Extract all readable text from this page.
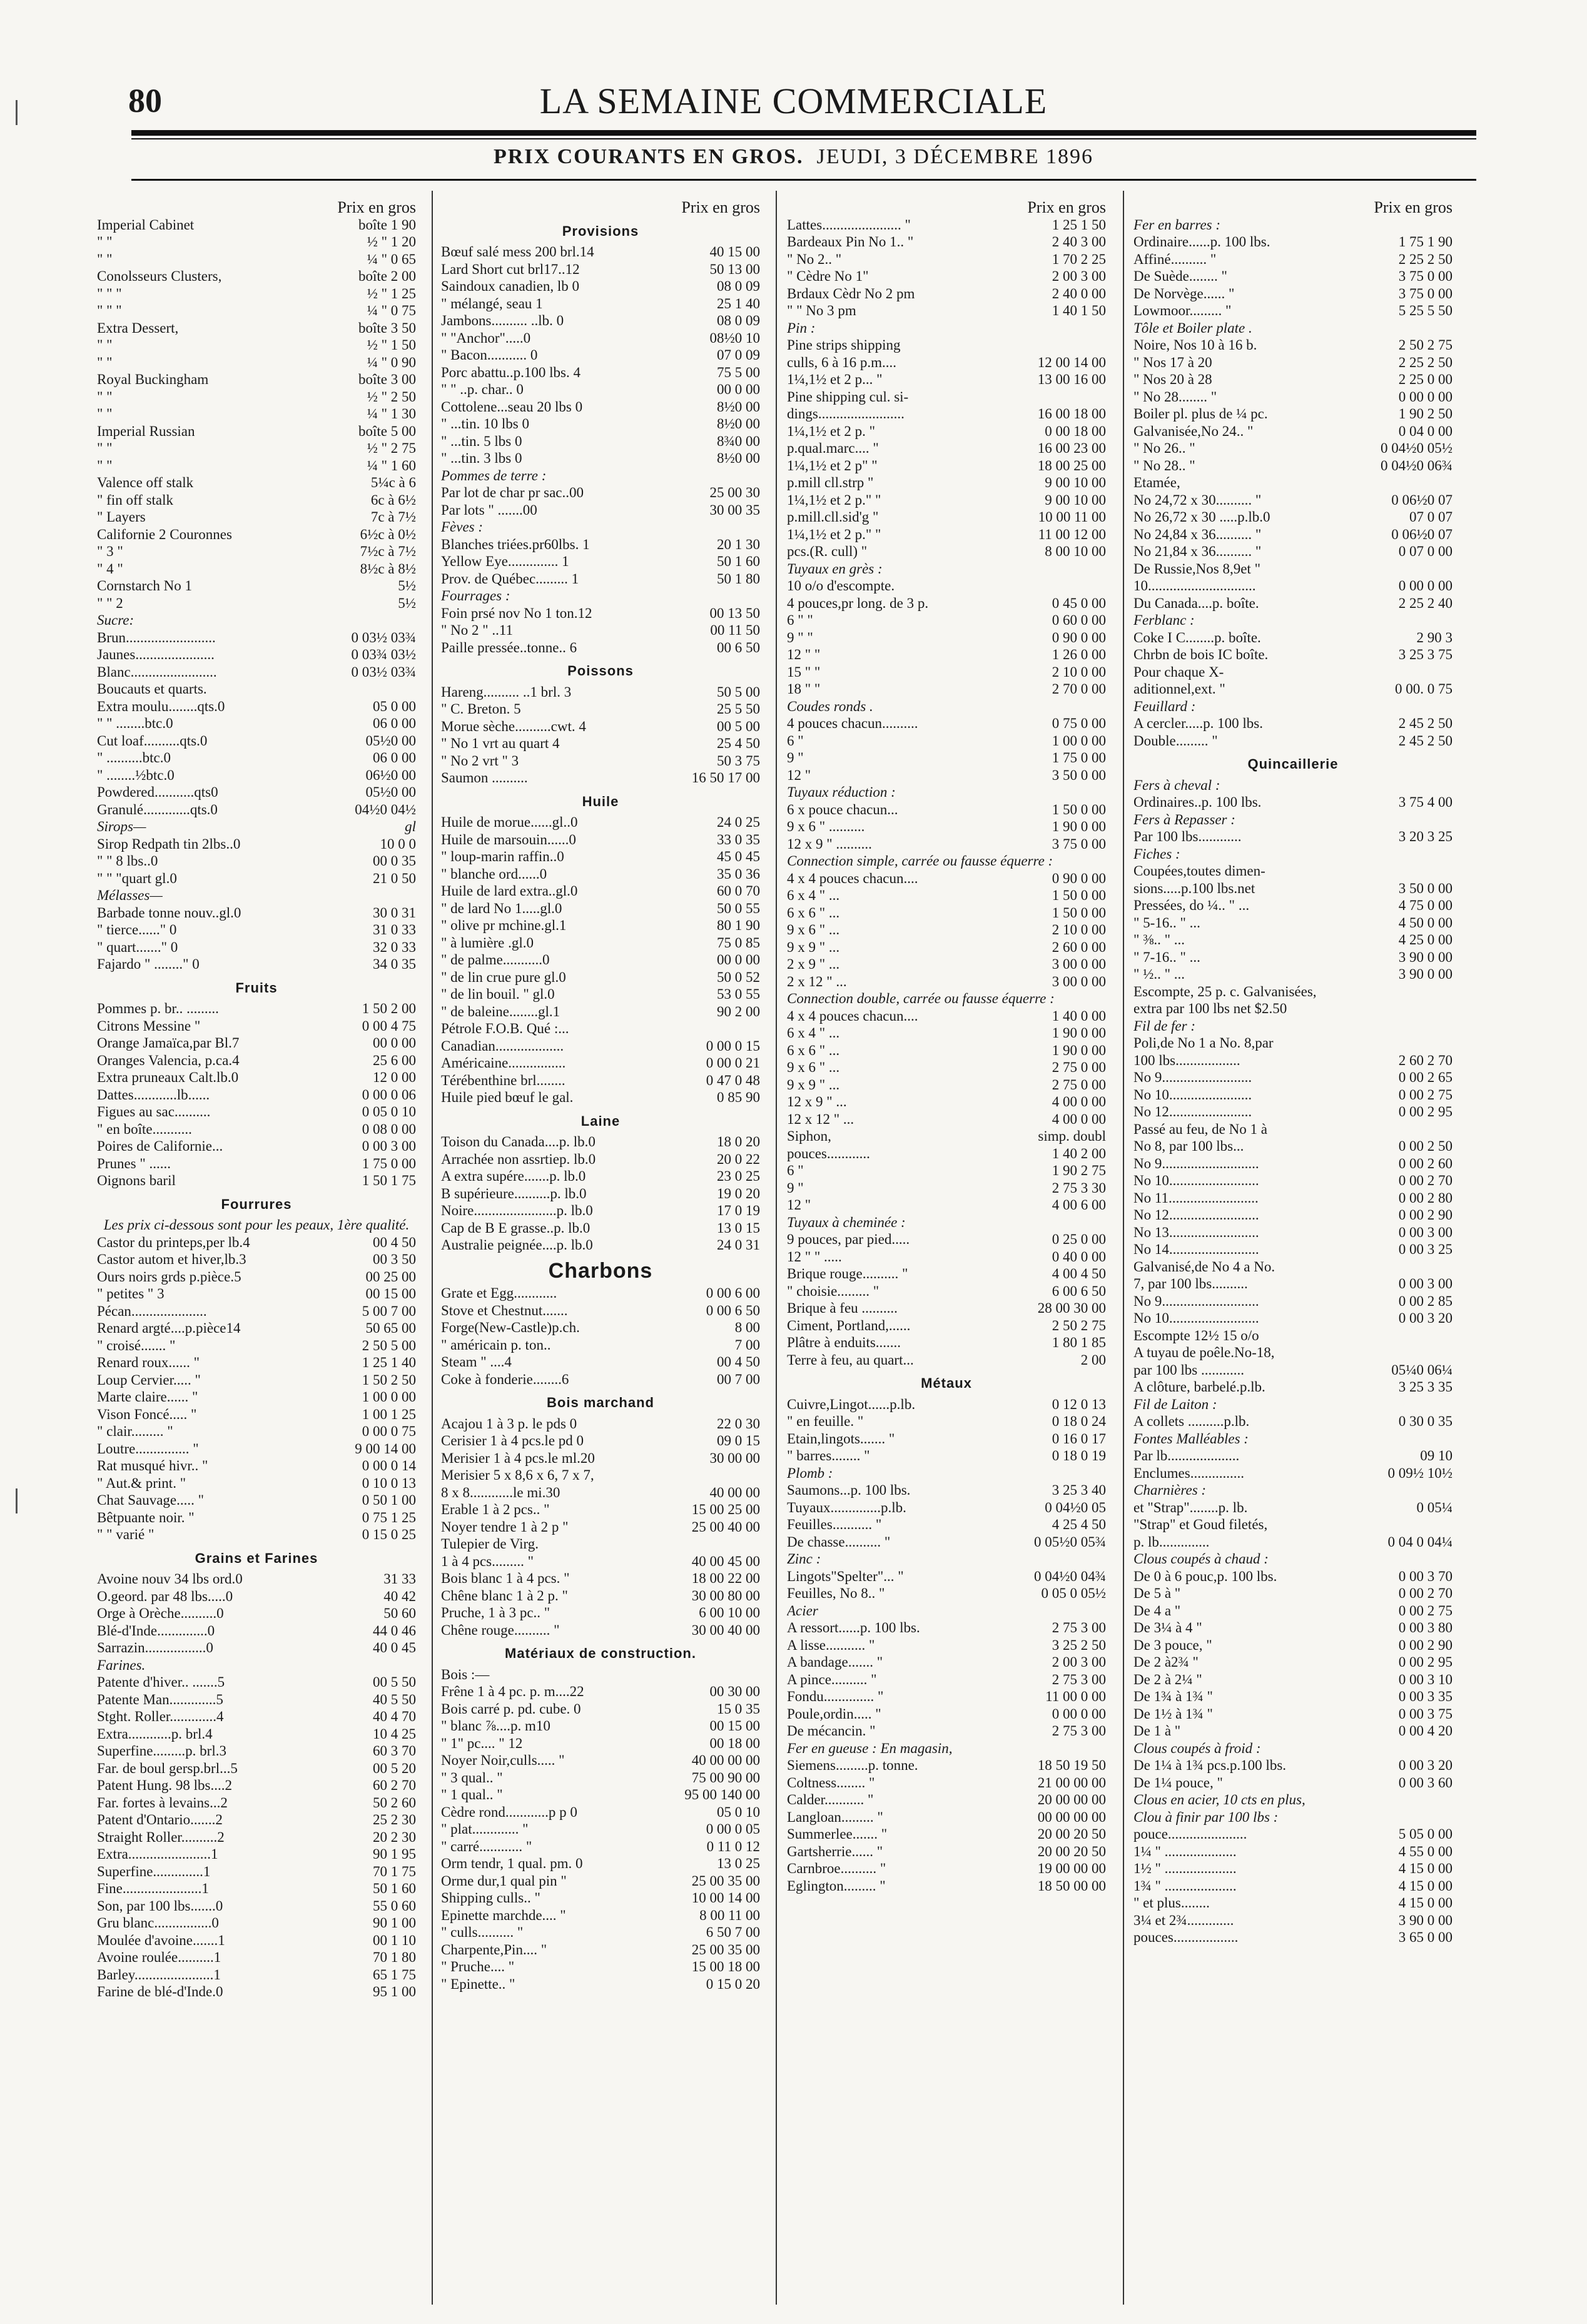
80	LA SEMAINE COMMERCIALE
PRIX COURANTS EN GROS. JEUDI, 3 DÉCEMBRE 1896
Prix en gros
Imperial Cabinet	boîte 1 90
" "	½ " 1 20
" "	¼ " 0 65
Conolsseurs Clusters,	boîte 2 00
" " "	½ " 1 25
" " "	¼ " 0 75
Extra Dessert,	boîte 3 50
" "	½ " 1 50
" "	¼ " 0 90
Royal Buckingham	boîte 3 00
" "	½ " 2 50
" "	¼ " 1 30
Imperial Russian	boîte 5 00
" "	½ " 2 75
" "	¼ " 1 60
Valence off stalk	5¼c à 6
" fin off stalk	6c à 6½
" Layers	7c à 7½
Californie 2 Couronnes	6½c à 0½
" 3 "	7½c à 7½
" 4 "	8½c à 8½
Cornstarch No 1	5½
" " 2	5½
Sucre:
Brun.........................	0 03½ 03¾
Jaunes......................	0 03¾ 03½
Blanc........................	0 03½ 03¾
Boucauts et quarts.
Extra moulu........qts.0	05 0 00
" " ........btc.0	06 0 00
Cut loaf..........qts.0	05½0 00
" ..........btc.0	06 0 00
" ........½btc.0	06½0 00
Powdered...........qts0	05½0 00
Granulé.............qts.0	04½0 04½
Sirops—	gl
Sirop Redpath tin 2lbs..0	10 0 0
" " 8 lbs..0	00 0 35
" " "quart gl.0	21 0 50
Mélasses—
Barbade tonne nouv..gl.0	30 0 31
" tierce......" 0	31 0 33
" quart......." 0	32 0 33
Fajardo " ........" 0	34 0 35
Fruits
Pommes p. br.. .........	1 50 2 00
Citrons Messine "	0 00 4 75
Orange Jamaïca,par Bl.7	00 0 00
Oranges Valencia, p.ca.4	25 6 00
Extra pruneaux Calt.lb.0	12 0 00
Dattes............lb......	0 00 0 06
Figues au sac..........	0 05 0 10
" en boîte...........	0 08 0 00
Poires de Californie...	0 00 3 00
Prunes " ......	1 75 0 00
Oignons baril	1 50 1 75
Fourrures
Les prix ci-dessous sont pour les peaux, 1ère qualité.
Castor du printeps,per lb.4	00 4 50
Castor autom et hiver,lb.3	00 3 50
Ours noirs grds p.pièce.5	00 25 00
" petites " 3	00 15 00
Pécan.....................	5 00 7 00
Renard argté....p.pièce14	50 65 00
" croisé....... "	2 50 5 00
Renard roux...... "	1 25 1 40
Loup Cervier..... "	1 50 2 50
Marte claire...... "	1 00 0 00
Vison Foncé..... "	1 00 1 25
" clair......... "	0 00 0 75
Loutre............... "	9 00 14 00
Rat musqué hivr.. "	0 00 0 14
" Aut.& print. "	0 10 0 13
Chat Sauvage..... "	0 50 1 00
Bêtpuante noir. "	0 75 1 25
" " varié "	0 15 0 25
Grains et Farines
Avoine nouv 34 lbs ord.0	31 33
O.geord. par 48 lbs.....0	40 42
Orge à Orèche..........0	50 60
Blé-d'Inde..............0	44 0 46
Sarrazin.................0	40 0 45
Farines.
Patente d'hiver.. .......5	00 5 50
Patente Man.............5	40 5 50
Stght. Roller.............4	40 4 70
Extra............p. brl.4	10 4 25
Superfine.........p. brl.3	60 3 70
Far. de boul gersp.brl...5	00 5 20
Patent Hung. 98 lbs....2	60 2 70
Far. fortes à levains...2	50 2 60
Patent d'Ontario.......2	25 2 30
Straight Roller..........2	20 2 30
Extra.......................1	90 1 95
Superfine..............1	70 1 75
Fine......................1	50 1 60
Son, par 100 lbs.......0	55 0 60
Gru blanc................0	90 1 00
Moulée d'avoine.......1	00 1 10
Avoine roulée..........1	70 1 80
Barley......................1	65 1 75
Farine de blé-d'Inde.0	95 1 00
Prix en gros
Provisions
Bœuf salé mess 200 brl.14	40 15 00
Lard Short cut brl17..12	50 13 00
Saindoux canadien, lb 0	08 0 09
" mélangé, seau 1	25 1 40
Jambons.......... ..lb. 0	08 0 09
" "Anchor".....0	08½0 10
" Bacon........... 0	07 0 09
Porc abattu..p.100 lbs. 4	75 5 00
" " ..p. char.. 0	00 0 00
Cottolene...seau 20 lbs 0	8½0 00
" ...tin. 10 lbs 0	8½0 00
" ...tin. 5 lbs 0	8¾0 00
" ...tin. 3 lbs 0	8½0 00
Pommes de terre :
Par lot de char pr sac..00	25 00 30
Par lots " .......00	30 00 35
Fèves :
Blanches triées.pr60lbs. 1	20 1 30
Yellow Eye.............. 1	50 1 60
Prov. de Québec......... 1	50 1 80
Fourrages :
Foin prsé nov No 1 ton.12	00 13 50
" No 2 " ..11	00 11 50
Paille pressée..tonne.. 6	00 6 50
Poissons
Hareng.......... ..1 brl. 3	50 5 00
" C. Breton. 5	25 5 50
Morue sèche..........cwt. 4	00 5 00
" No 1 vrt au quart 4	25 4 50
" No 2 vrt " 3	50 3 75
Saumon ..........	16 50 17 00
Huile
Huile de morue......gl..0	24 0 25
Huile de marsouin......0	33 0 35
" loup-marin raffin..0	45 0 45
" blanche ord......0	35 0 36
Huile de lard extra..gl.0	60 0 70
" de lard No 1.....gl.0	50 0 55
" olive pr mchine.gl.1	80 1 90
" à lumière .gl.0	75 0 85
" de palme...........0	00 0 00
" de lin crue pure gl.0	50 0 52
" de lin bouil. " gl.0	53 0 55
" de baleine........gl.1	90 2 00
Pétrole F.O.B. Qué :...
Canadian...................	0 00 0 15
Américaine................	0 00 0 21
Térébenthine brl........	0 47 0 48
Huile pied bœuf le gal.	0 85 90
Laine
Toison du Canada....p. lb.0	18 0 20
Arrachée non assrtiep. lb.0	20 0 22
A extra supére.......p. lb.0	23 0 25
B supérieure..........p. lb.0	19 0 20
Noire.......................p. lb.0	17 0 19
Cap de B E grasse..p. lb.0	13 0 15
Australie peignée....p. lb.0	24 0 31
Charbons
Grate et Egg............	0 00 6 00
Stove et Chestnut.......	0 00 6 50
Forge(New-Castle)p.ch.	8 00
" américain p. ton..	7 00
Steam " ....4	00 4 50
Coke à fonderie........6	00 7 00
Bois marchand
Acajou 1 à 3 p. le pds 0	22 0 30
Cerisier 1 à 4 pcs.le pd 0	09 0 15
Merisier 1 à 4 pcs.le ml.20	30 00 00
Merisier 5 x 8,6 x 6, 7 x 7,
8 x 8............le mi.30	40 00 00
Erable 1 à 2 pcs.. "	15 00 25 00
Noyer tendre 1 à 2 p "	25 00 40 00
Tulepier de Virg.
1 à 4 pcs......... "	40 00 45 00
Bois blanc 1 à 4 pcs. "	18 00 22 00
Chêne blanc 1 à 2 p. "	30 00 80 00
Pruche, 1 à 3 pc.. "	6 00 10 00
Chêne rouge.......... "	30 00 40 00
Matériaux de construction.
Bois :—
Frêne 1 à 4 pc. p. m....22	00 30 00
Bois carré p. pd. cube. 0	15 0 35
" blanc ⅞....p. m10	00 15 00
" 1" pc.... " 12	00 18 00
Noyer Noir,culls..... "	40 00 00 00
" 3 qual.. "	75 00 90 00
" 1 qual.. "	95 00 140 00
Cèdre rond............p p 0	05 0 10
" plat............. "	0 00 0 05
" carré............ "	0 11 0 12
Orm tendr, 1 qual. pm. 0	13 0 25
Orme dur,1 qual pin "	25 00 35 00
Shipping culls.. "	10 00 14 00
Epinette marchde.... "	8 00 11 00
" culls.......... "	6 50 7 00
Charpente,Pin.... "	25 00 35 00
" Pruche.... "	15 00 18 00
" Epinette.. "	0 15 0 20
Prix en gros
Lattes...................... "	1 25 1 50
Bardeaux Pin No 1.. "	2 40 3 00
" No 2.. "	1 70 2 25
" Cèdre No 1"	2 00 3 00
Brdaux Cèdr No 2 pm	2 40 0 00
" " No 3 pm	1 40 1 50
Pin :
Pine strips shipping
culls, 6 à 16 p.m....	12 00 14 00
1¼,1½ et 2 p... "	13 00 16 00
Pine shipping cul. si-
dings........................	16 00 18 00
1¼,1½ et 2 p. "	0 00 18 00
p.qual.marc.... "	16 00 23 00
1¼,1½ et 2 p" "	18 00 25 00
p.mill cll.strp "	9 00 10 00
1¼,1½ et 2 p." "	9 00 10 00
p.mill.cll.sid'g "	10 00 11 00
1¼,1½ et 2 p." "	11 00 12 00
pcs.(R. cull) "	8 00 10 00
Tuyaux en grès :
10 o/o d'escompte.
4 pouces,pr long. de 3 p.	0 45 0 00
6 " "	0 60 0 00
9 " "	0 90 0 00
12 " "	1 26 0 00
15 " "	2 10 0 00
18 " "	2 70 0 00
Coudes ronds .
4 pouces chacun..........	0 75 0 00
6 "	1 00 0 00
9 "	1 75 0 00
12 "	3 50 0 00
Tuyaux réduction :
6 x pouce chacun...	1 50 0 00
9 x 6 " ..........	1 90 0 00
12 x 9 " ..........	3 75 0 00
Connection simple, carrée ou fausse équerre :
4 x 4 pouces chacun....	0 90 0 00
6 x 4 " ...	1 50 0 00
6 x 6 " ...	1 50 0 00
9 x 6 " ...	2 10 0 00
9 x 9 " ...	2 60 0 00
2 x 9 " ...	3 00 0 00
2 x 12 " ...	3 00 0 00
Connection double, carrée ou fausse équerre :
4 x 4 pouces chacun....	1 40 0 00
6 x 4 " ...	1 90 0 00
6 x 6 " ...	1 90 0 00
9 x 6 " ...	2 75 0 00
9 x 9 " ...	2 75 0 00
12 x 9 " ...	4 00 0 00
12 x 12 " ...	4 00 0 00
Siphon,	simp. doubl
pouces............	1 40 2 00
6 "	1 90 2 75
9 "	2 75 3 30
12 "	4 00 6 00
Tuyaux à cheminée :
9 pouces, par pied.....	0 25 0 00
12 " " .....	0 40 0 00
Brique rouge.......... "	4 00 4 50
" choisie......... "	6 00 6 50
Brique à feu ..........	28 00 30 00
Ciment, Portland,......	2 50 2 75
Plâtre à enduits.......	1 80 1 85
Terre à feu, au quart...	2 00
Métaux
Cuivre,Lingot......p.lb.	0 12 0 13
" en feuille. "	0 18 0 24
Etain,lingots....... "	0 16 0 17
" barres........ "	0 18 0 19
Plomb :
Saumons...p. 100 lbs.	3 25 3 40
Tuyaux..............p.lb.	0 04½0 05
Feuilles........... "	4 25 4 50
De chasse.......... "	0 05½0 05¾
Zinc :
Lingots"Spelter"... "	0 04½0 04¾
Feuilles, No 8.. "	0 05 0 05½
Acier
A ressort......p. 100 lbs.	2 75 3 00
A lisse........... "	3 25 2 50
A bandage....... "	2 00 3 00
A pince.......... "	2 75 3 00
Fondu.............. "	11 00 0 00
Poule,ordin..... "	0 00 0 00
De mécancin. "	2 75 3 00
Fer en gueuse : En magasin,
Siemens.........p. tonne.	18 50 19 50
Coltness........ "	21 00 00 00
Calder........... "	20 00 00 00
Langloan......... "	00 00 00 00
Summerlee....... "	20 00 20 50
Gartsherrie...... "	20 00 20 50
Carnbroe.......... "	19 00 00 00
Eglington......... "	18 50 00 00
Prix en gros
Fer en barres :
Ordinaire......p. 100 lbs.	1 75 1 90
Affiné.......... "	2 25 2 50
De Suède........ "	3 75 0 00
De Norvège...... "	3 75 0 00
Lowmoor......... "	5 25 5 50
Tôle et Boiler plate .
Noire, Nos 10 à 16 b.	2 50 2 75
" Nos 17 à 20	2 25 2 50
" Nos 20 à 28	2 25 0 00
" No 28........ "	0 00 0 00
Boiler pl. plus de ¼ pc.	1 90 2 50
Galvanisée,No 24.. "	0 04 0 00
" No 26.. "	0 04½0 05½
" No 28.. "	0 04½0 06¾
Etamée,
No 24,72 x 30.......... "	0 06½0 07
No 26,72 x 30 .....p.lb.0	07 0 07
No 24,84 x 36.......... "	0 06½0 07
No 21,84 x 36.......... "	0 07 0 00
De Russie,Nos 8,9et "
10..............................	0 00 0 00
Du Canada....p. boîte.	2 25 2 40
Ferblanc :
Coke I C........p. boîte.	2 90 3
Chrbn de bois IC boîte.	3 25 3 75
Pour chaque X-
aditionnel,ext. "	0 00. 0 75
Feuillard :
A cercler.....p. 100 lbs.	2 45 2 50
Double......... "	2 45 2 50
Quincaillerie
Fers à cheval :
Ordinaires..p. 100 lbs.	3 75 4 00
Fers à Repasser :
Par 100 lbs............	3 20 3 25
Fiches :
Coupées,toutes dimen-
sions.....p.100 lbs.net	3 50 0 00
Pressées, do ¼.. " ...	4 75 0 00
" 5-16.. " ...	4 50 0 00
" ⅜.. " ...	4 25 0 00
" 7-16.. " ...	3 90 0 00
" ½.. " ...	3 90 0 00
Escompte, 25 p. c. Galvanisées,
extra par 100 lbs net $2.50
Fil de fer :
Poli,de No 1 a No. 8,par
100 lbs..................	2 60 2 70
No 9.........................	0 00 2 65
No 10.......................	0 00 2 75
No 12.......................	0 00 2 95
Passé au feu, de No 1 à
No 8, par 100 lbs...	0 00 2 50
No 9...........................	0 00 2 60
No 10.........................	0 00 2 70
No 11.........................	0 00 2 80
No 12.........................	0 00 2 90
No 13.........................	0 00 3 00
No 14.........................	0 00 3 25
Galvanisé,de No 4 a No.
7, par 100 lbs..........	0 00 3 00
No 9...........................	0 00 2 85
No 10.........................	0 00 3 20
Escompte 12½ 15 o/o
A tuyau de poêle.No-18,
par 100 lbs ............	05¼0 06¼
A clôture, barbelé.p.lb.	3 25 3 35
Fil de Laiton :
A collets ..........p.lb.	0 30 0 35
Fontes Malléables :
Par lb....................	09 10
Enclumes...............	0 09½ 10½
Charnières :
et "Strap"........p. lb.	0 05¼
"Strap" et Goud filetés,
p. lb..............	0 04 0 04¼
Clous coupés à chaud :
De 0 à 6 pouc,p. 100 lbs.	0 00 3 70
De 5 à "	0 00 2 70
De 4 a "	0 00 2 75
De 3¼ à 4 "	0 00 3 80
De 3 pouce, "	0 00 2 90
De 2 à2¾ "	0 00 2 95
De 2 à 2¼ "	0 00 3 10
De 1¾ à 1¾ "	0 00 3 35
De 1½ à 1¾ "	0 00 3 75
De 1 à "	0 00 4 20
Clous coupés à froid :
De 1¼ à 1¾ pcs.p.100 lbs.	0 00 3 20
De 1¼ pouce, "	0 00 3 60
Clous en acier, 10 cts en plus,
Clou à finir par 100 lbs :
pouce......................	5 05 0 00
1¼ " ....................	4 55 0 00
1½ " ....................	4 15 0 00
1¾ " ....................	4 15 0 00
" et plus........	4 15 0 00
3¼ et 2¾.............	3 90 0 00
pouces..................	3 65 0 00
